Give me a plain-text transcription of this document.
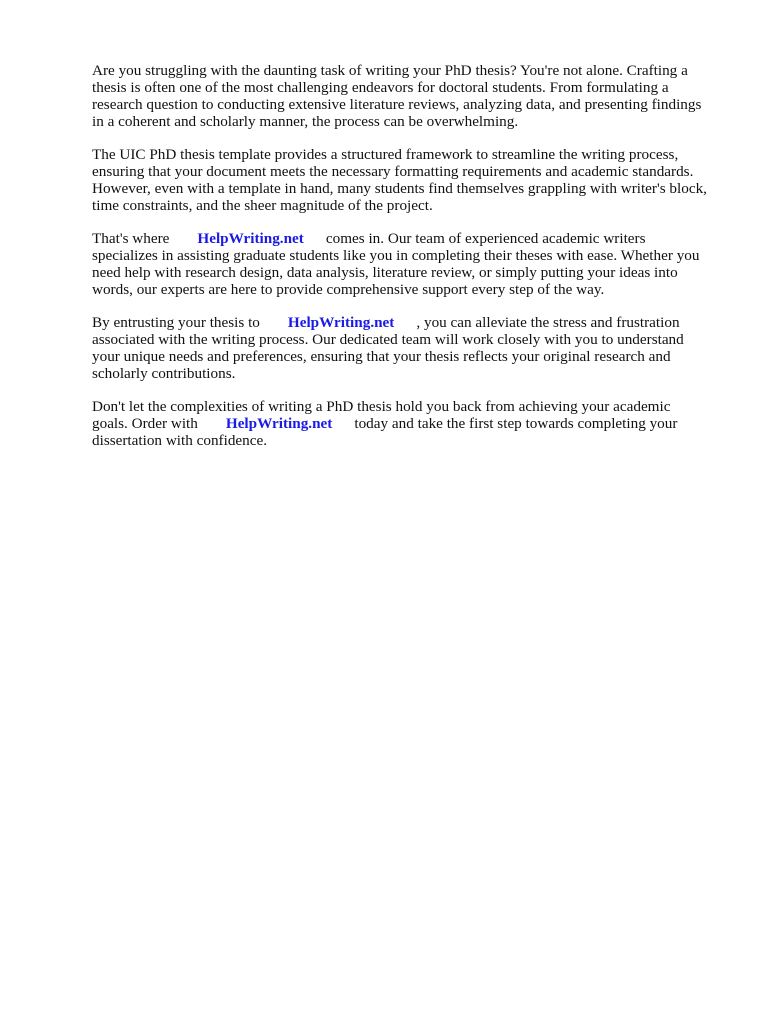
Are you struggling with the daunting task of writing your PhD thesis? You're not alone. Crafting a
thesis is often one of the most challenging endeavors for doctoral students. From formulating a
research question to conducting extensive literature reviews, analyzing data, and presenting findings
in a coherent and scholarly manner, the process can be overwhelming.

The UIC PhD thesis template provides a structured framework to streamline the writing process,
ensuring that your document meets the necessary formatting requirements and academic standards.
However, even with a template in hand, many students find themselves grappling with writer's block,
time constraints, and the sheer magnitude of the project.

That's where HelpWriting.net comes in. Our team of experienced academic writers
specializes in assisting graduate students like you in completing their theses with ease. Whether you
need help with research design, data analysis, literature review, or simply putting your ideas into
words, our experts are here to provide comprehensive support every step of the way.

By entrusting your thesis to HelpWriting.net , you can alleviate the stress and frustration
associated with the writing process. Our dedicated team will work closely with you to understand
your unique needs and preferences, ensuring that your thesis reflects your original research and
scholarly contributions.

Don't let the complexities of writing a PhD thesis hold you back from achieving your academic
goals. Order with HelpWriting.net today and take the first step towards completing your
dissertation with confidence.
